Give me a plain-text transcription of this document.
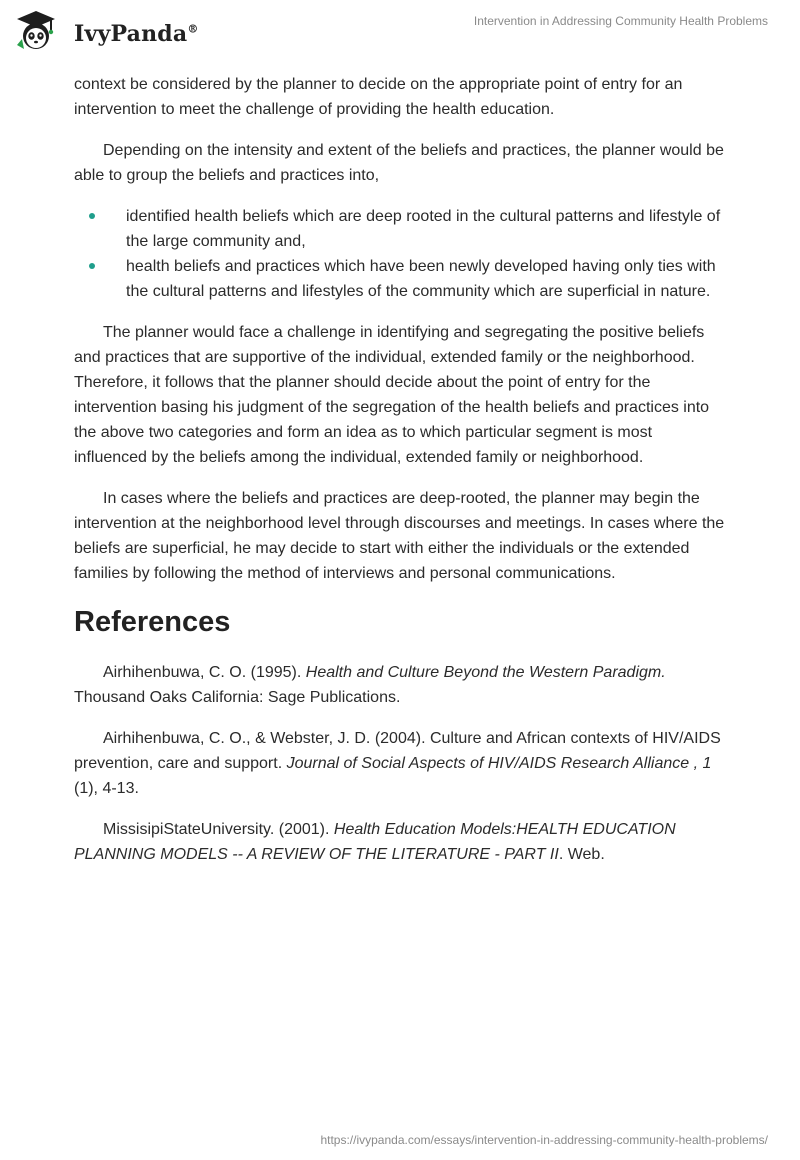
IvyPanda®
Intervention in Addressing Community Health Problems

context be considered by the planner to decide on the appropriate point of entry for an intervention to meet the challenge of providing the health education.

Depending on the intensity and extent of the beliefs and practices, the planner would be able to group the beliefs and practices into,

identified health beliefs which are deep rooted in the cultural patterns and lifestyle of the large community and,
health beliefs and practices which have been newly developed having only ties with the cultural patterns and lifestyles of the community which are superficial in nature.

The planner would face a challenge in identifying and segregating the positive beliefs and practices that are supportive of the individual, extended family or the neighborhood. Therefore, it follows that the planner should decide about the point of entry for the intervention basing his judgment of the segregation of the health beliefs and practices into the above two categories and form an idea as to which particular segment is most influenced by the beliefs among the individual, extended family or neighborhood.

In cases where the beliefs and practices are deep-rooted, the planner may begin the intervention at the neighborhood level through discourses and meetings. In cases where the beliefs are superficial, he may decide to start with either the individuals or the extended families by following the method of interviews and personal communications.

References

Airhihenbuwa, C. O. (1995). Health and Culture Beyond the Western Paradigm. Thousand Oaks California: Sage Publications.

Airhihenbuwa, C. O., & Webster, J. D. (2004). Culture and African contexts of HIV/AIDS prevention, care and support. Journal of Social Aspects of HIV/AIDS Research Alliance , 1 (1), 4-13.

MissisipiStateUniversity. (2001). Health Education Models:HEALTH EDUCATION PLANNING MODELS -- A REVIEW OF THE LITERATURE - PART II. Web.

https://ivypanda.com/essays/intervention-in-addressing-community-health-problems/
